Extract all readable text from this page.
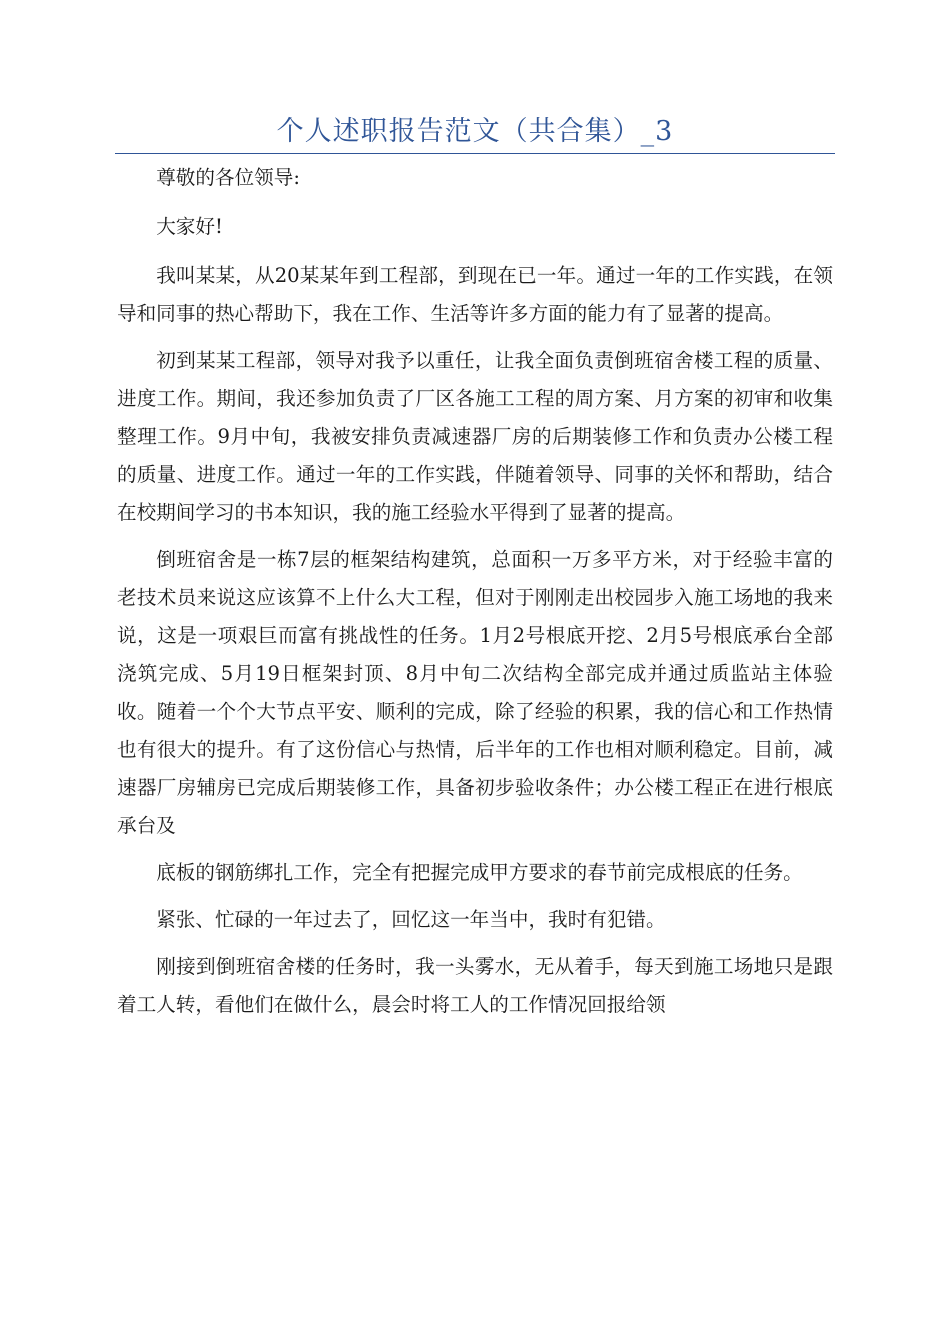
个人述职报告范文（共合集）_3

尊敬的各位领导:

大家好!

我叫某某，从20某某年到工程部，到现在已一年。通过一年的工作实践，在领导和同事的热心帮助下，我在工作、生活等许多方面的能力有了显著的提高。

初到某某工程部，领导对我予以重任，让我全面负责倒班宿舍楼工程的质量、进度工作。期间，我还参加负责了厂区各施工工程的周方案、月方案的初审和收集整理工作。9月中旬，我被安排负责减速器厂房的后期装修工作和负责办公楼工程的质量、进度工作。通过一年的工作实践，伴随着领导、同事的关怀和帮助，结合在校期间学习的书本知识，我的施工经验水平得到了显著的提高。

倒班宿舍是一栋7层的框架结构建筑，总面积一万多平方米，对于经验丰富的老技术员来说这应该算不上什么大工程，但对于刚刚走出校园步入施工场地的我来说，这是一项艰巨而富有挑战性的任务。1月2号根底开挖、2月5号根底承台全部浇筑完成、5月19日框架封顶、8月中旬二次结构全部完成并通过质监站主体验收。随着一个个大节点平安、顺利的完成，除了经验的积累，我的信心和工作热情也有很大的提升。有了这份信心与热情，后半年的工作也相对顺利稳定。目前，减速器厂房辅房已完成后期装修工作，具备初步验收条件；办公楼工程正在进行根底承台及

底板的钢筋绑扎工作，完全有把握完成甲方要求的春节前完成根底的任务。

紧张、忙碌的一年过去了，回忆这一年当中，我时有犯错。

刚接到倒班宿舍楼的任务时，我一头雾水，无从着手，每天到施工场地只是跟着工人转，看他们在做什么，晨会时将工人的工作情况回报给领
